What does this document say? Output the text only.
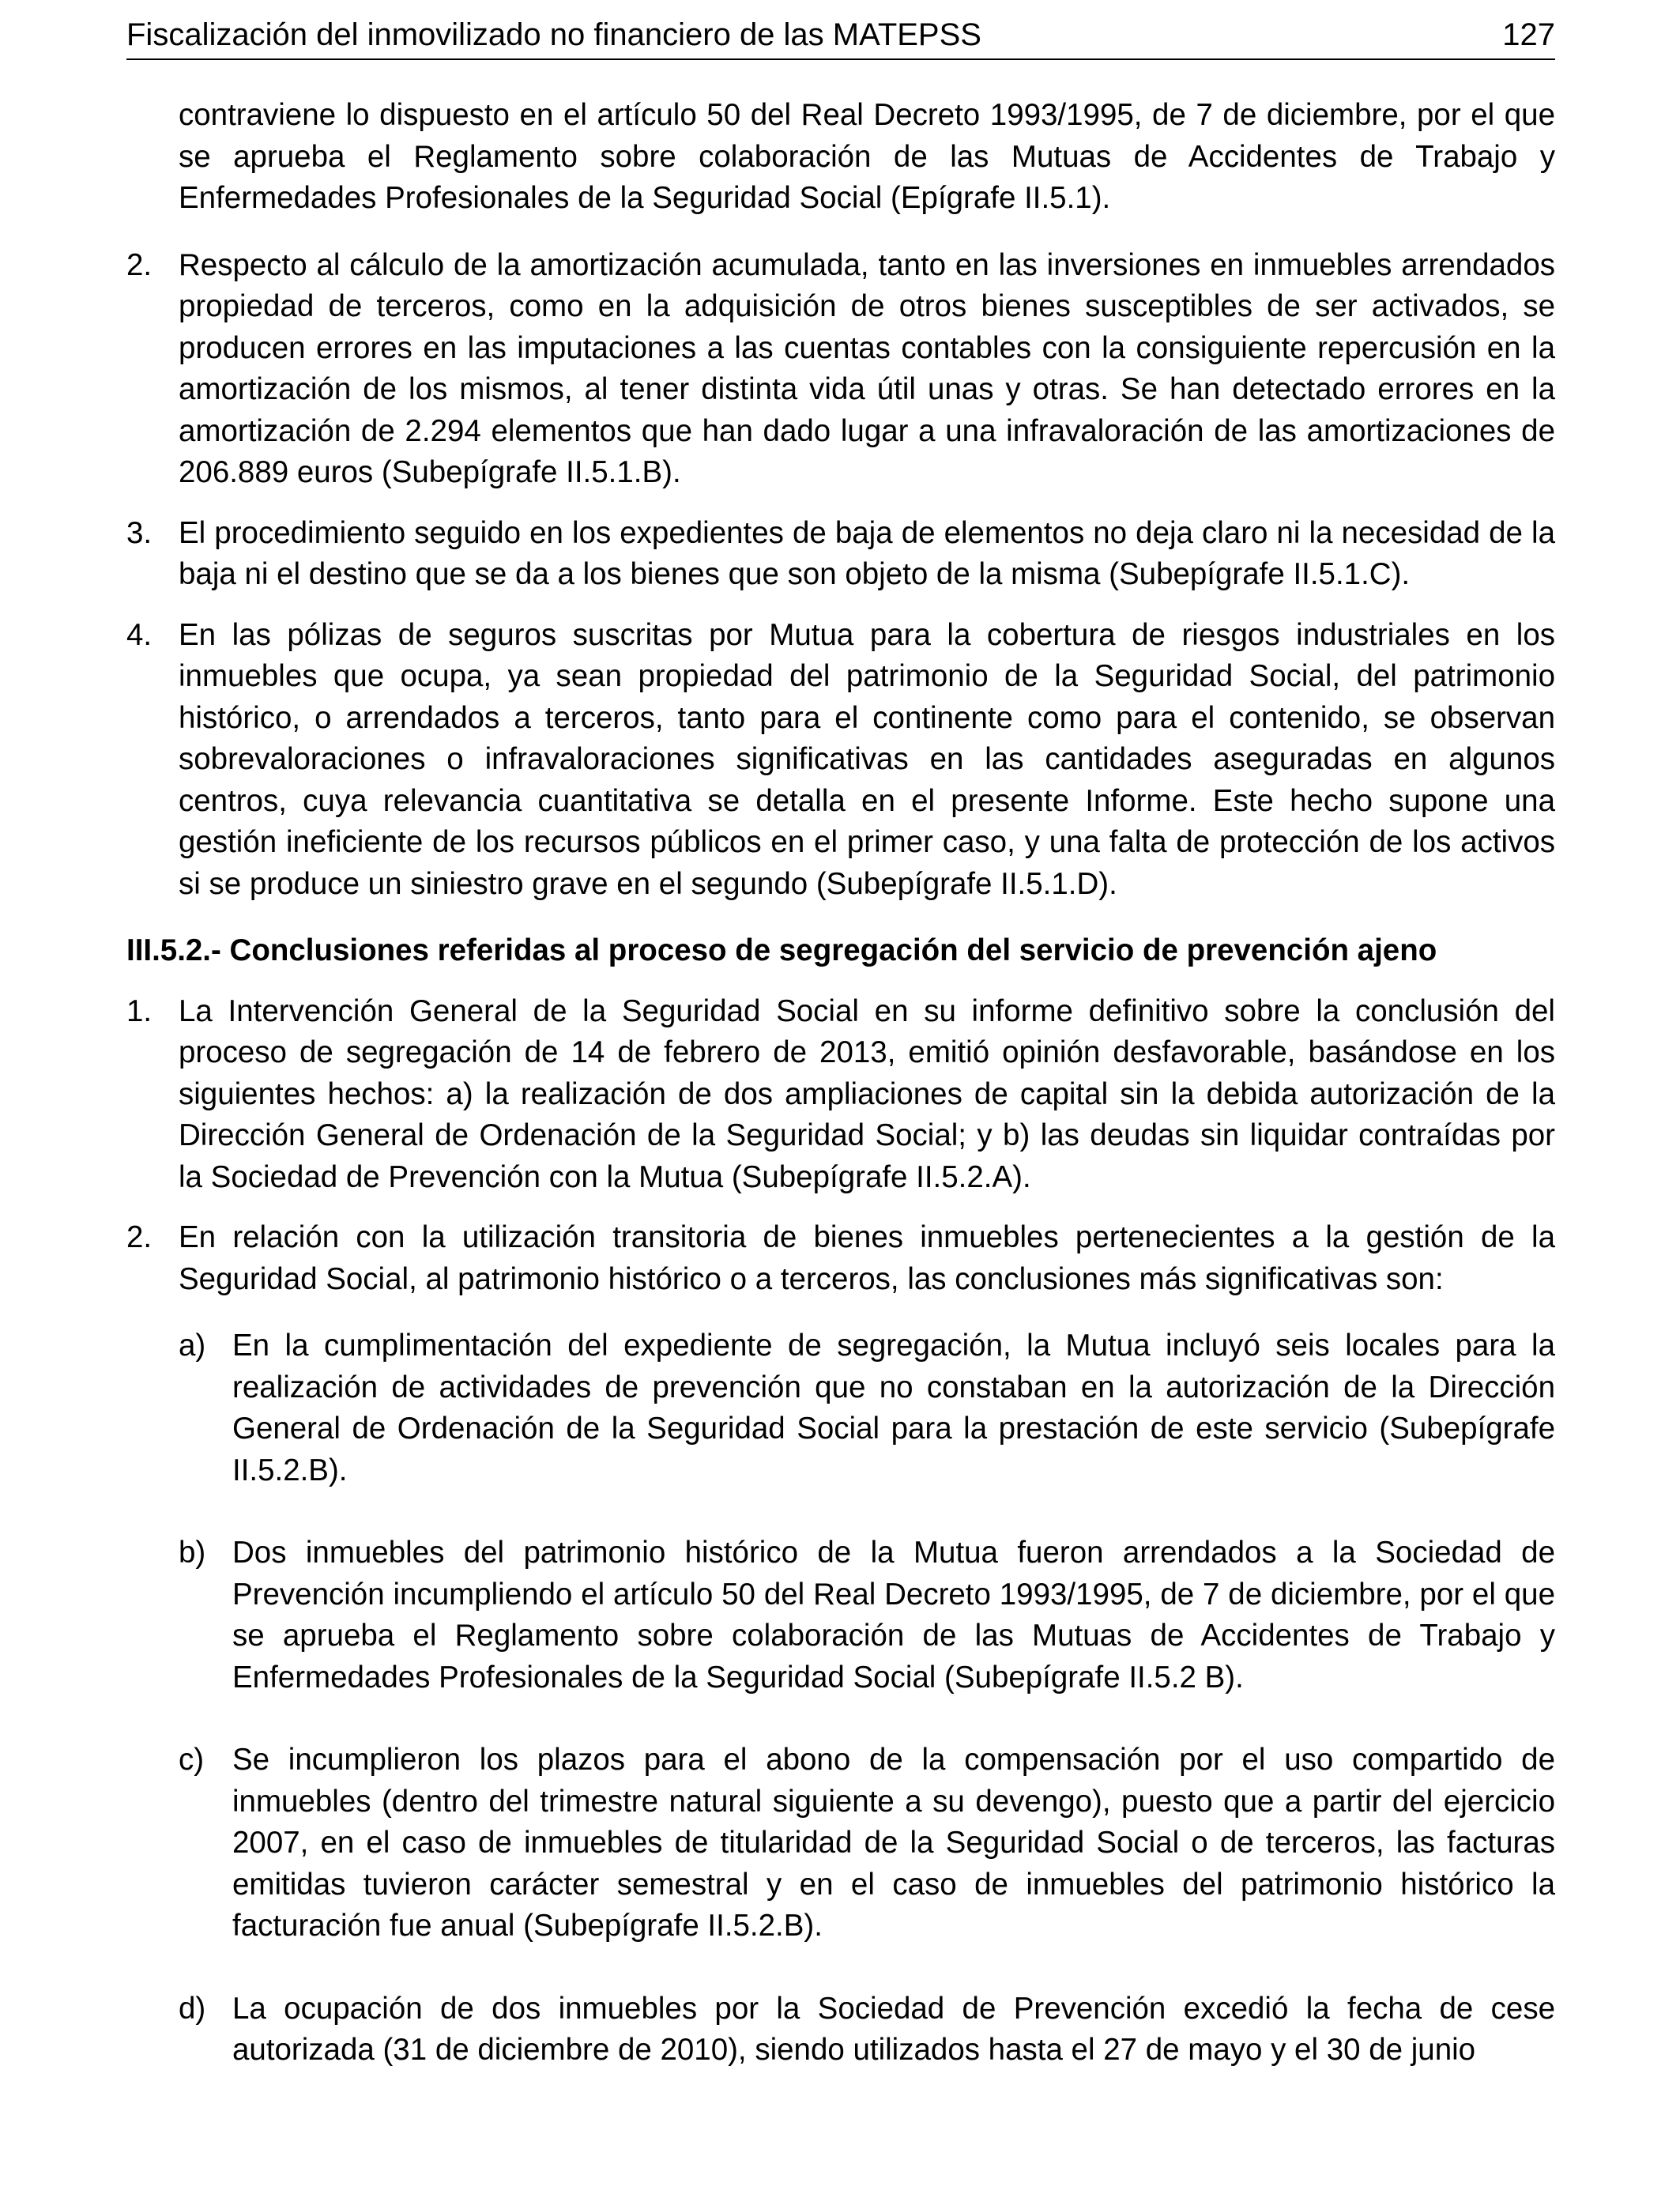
Fiscalización del inmovilizado no financiero de las MATEPSS	127
contraviene lo dispuesto en el artículo 50 del Real Decreto 1993/1995, de 7 de diciembre, por el que se aprueba el Reglamento sobre colaboración de las Mutuas de Accidentes de Trabajo y Enfermedades Profesionales de la Seguridad Social (Epígrafe II.5.1).
2. Respecto al cálculo de la amortización acumulada, tanto en las inversiones en inmuebles arrendados propiedad de terceros, como en la adquisición de otros bienes susceptibles de ser activados, se producen errores en las imputaciones a las cuentas contables con la consiguiente repercusión en la amortización de los mismos, al tener distinta vida útil unas y otras. Se han detectado errores en la amortización de 2.294 elementos que han dado lugar a una infravaloración de las amortizaciones de 206.889 euros (Subepígrafe II.5.1.B).
3. El procedimiento seguido en los expedientes de baja de elementos no deja claro ni la necesidad de la baja ni el destino que se da a los bienes que son objeto de la misma (Subepígrafe II.5.1.C).
4. En las pólizas de seguros suscritas por Mutua para la cobertura de riesgos industriales en los inmuebles que ocupa, ya sean propiedad del patrimonio de la Seguridad Social, del patrimonio histórico, o arrendados a terceros, tanto para el continente como para el contenido, se observan sobrevaloraciones o infravaloraciones significativas en las cantidades aseguradas en algunos centros, cuya relevancia cuantitativa se detalla en el presente Informe. Este hecho supone una gestión ineficiente de los recursos públicos en el primer caso, y una falta de protección de los activos si se produce un siniestro grave en el segundo (Subepígrafe II.5.1.D).
III.5.2.- Conclusiones referidas al proceso de segregación del servicio de prevención ajeno
1. La Intervención General de la Seguridad Social en su informe definitivo sobre la conclusión del proceso de segregación de 14 de febrero de 2013, emitió opinión desfavorable, basándose en los siguientes hechos: a) la realización de dos ampliaciones de capital sin la debida autorización de la Dirección General de Ordenación de la Seguridad Social; y b) las deudas sin liquidar contraídas por la Sociedad de Prevención con la Mutua (Subepígrafe II.5.2.A).
2. En relación con la utilización transitoria de bienes inmuebles pertenecientes a la gestión de la Seguridad Social, al patrimonio histórico o a terceros, las conclusiones más significativas son:
a) En la cumplimentación del expediente de segregación, la Mutua incluyó seis locales para la realización de actividades de prevención que no constaban en la autorización de la Dirección General de Ordenación de la Seguridad Social para la prestación de este servicio (Subepígrafe II.5.2.B).
b) Dos inmuebles del patrimonio histórico de la Mutua fueron arrendados a la Sociedad de Prevención incumpliendo el artículo 50 del Real Decreto 1993/1995, de 7 de diciembre, por el que se aprueba el Reglamento sobre colaboración de las Mutuas de Accidentes de Trabajo y Enfermedades Profesionales de la Seguridad Social (Subepígrafe II.5.2 B).
c) Se incumplieron los plazos para el abono de la compensación por el uso compartido de inmuebles (dentro del trimestre natural siguiente a su devengo), puesto que a partir del ejercicio 2007, en el caso de inmuebles de titularidad de la Seguridad Social o de terceros, las facturas emitidas tuvieron carácter semestral y en el caso de inmuebles del patrimonio histórico la facturación fue anual (Subepígrafe II.5.2.B).
d) La ocupación de dos inmuebles por la Sociedad de Prevención excedió la fecha de cese autorizada (31 de diciembre de 2010), siendo utilizados hasta el 27 de mayo y el 30 de junio
